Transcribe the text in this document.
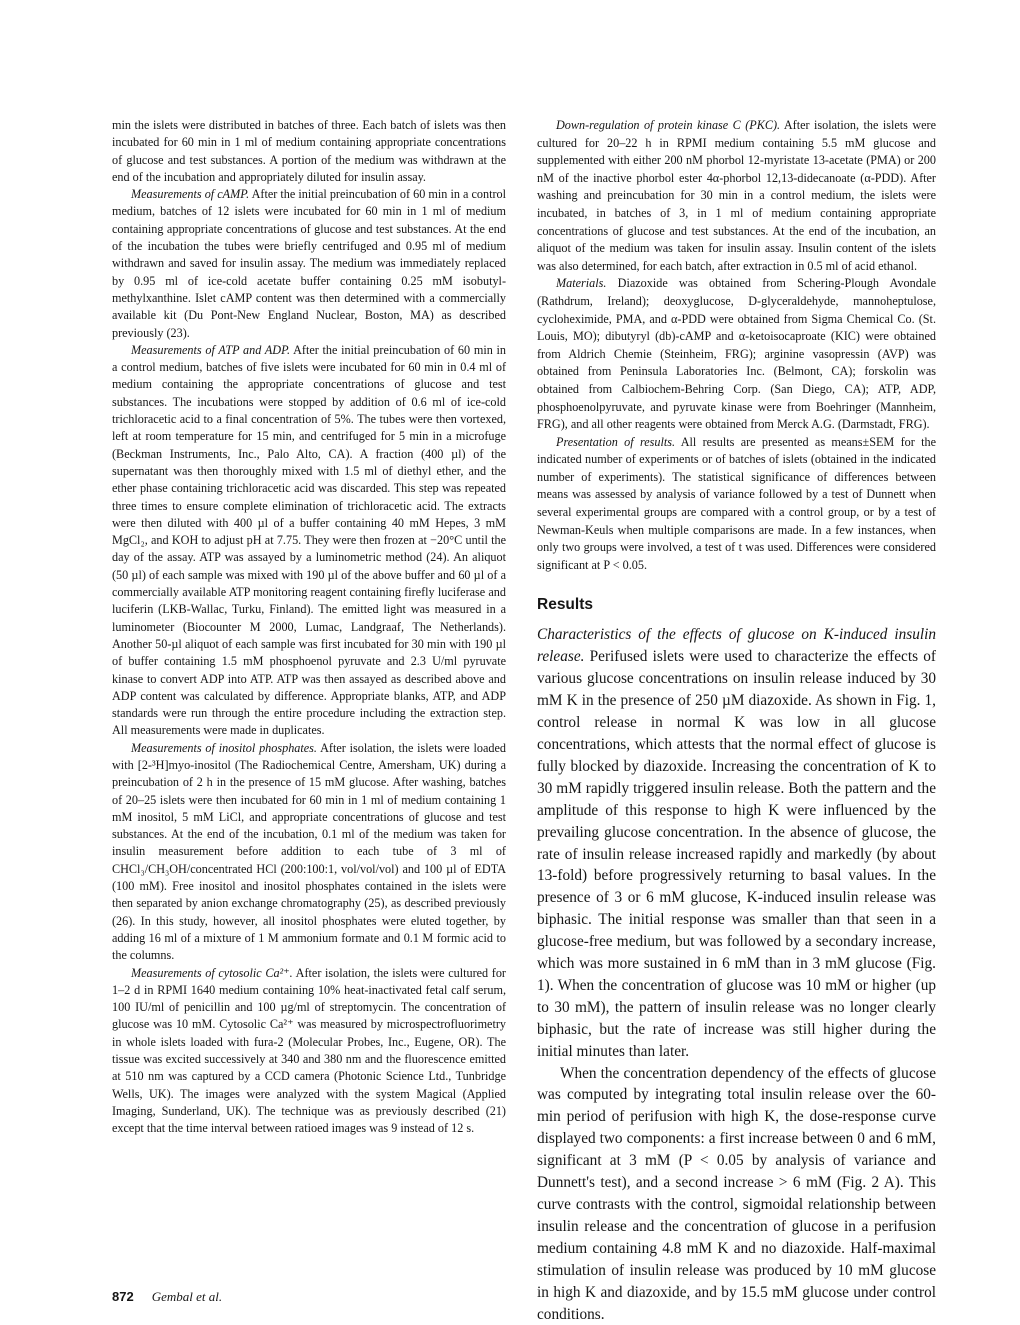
min the islets were distributed in batches of three. Each batch of islets was then incubated for 60 min in 1 ml of medium containing appropriate concentrations of glucose and test substances. A portion of the medium was withdrawn at the end of the incubation and appropriately diluted for insulin assay.

Measurements of cAMP. After the initial preincubation of 60 min in a control medium, batches of 12 islets were incubated for 60 min in 1 ml of medium containing appropriate concentrations of glucose and test substances. At the end of the incubation the tubes were briefly centrifuged and 0.95 ml of medium withdrawn and saved for insulin assay. The medium was immediately replaced by 0.95 ml of ice-cold acetate buffer containing 0.25 mM isobutyl-methylxanthine. Islet cAMP content was then determined with a commercially available kit (Du Pont-New England Nuclear, Boston, MA) as described previously (23).

Measurements of ATP and ADP. After the initial preincubation of 60 min in a control medium, batches of five islets were incubated for 60 min in 0.4 ml of medium containing the appropriate concentrations of glucose and test substances. The incubations were stopped by addition of 0.6 ml of ice-cold trichloracetic acid to a final concentration of 5%. The tubes were then vortexed, left at room temperature for 15 min, and centrifuged for 5 min in a microfuge (Beckman Instruments, Inc., Palo Alto, CA). A fraction (400 µl) of the supernatant was then thoroughly mixed with 1.5 ml of diethyl ether, and the ether phase containing trichloracetic acid was discarded. This step was repeated three times to ensure complete elimination of trichloracetic acid. The extracts were then diluted with 400 µl of a buffer containing 40 mM Hepes, 3 mM MgCl₂, and KOH to adjust pH at 7.75. They were then frozen at −20°C until the day of the assay. ATP was assayed by a luminometric method (24). An aliquot (50 µl) of each sample was mixed with 190 µl of the above buffer and 60 µl of a commercially available ATP monitoring reagent containing firefly luciferase and luciferin (LKB-Wallac, Turku, Finland). The emitted light was measured in a luminometer (Biocounter M 2000, Lumac, Landgraaf, The Netherlands). Another 50-µl aliquot of each sample was first incubated for 30 min with 190 µl of buffer containing 1.5 mM phosphoenol pyruvate and 2.3 U/ml pyruvate kinase to convert ADP into ATP. ATP was then assayed as described above and ADP content was calculated by difference. Appropriate blanks, ATP, and ADP standards were run through the entire procedure including the extraction step. All measurements were made in duplicates.

Measurements of inositol phosphates. After isolation, the islets were loaded with [2-³H]myo-inositol (The Radiochemical Centre, Amersham, UK) during a preincubation of 2 h in the presence of 15 mM glucose. After washing, batches of 20–25 islets were then incubated for 60 min in 1 ml of medium containing 1 mM inositol, 5 mM LiCl, and appropriate concentrations of glucose and test substances. At the end of the incubation, 0.1 ml of the medium was taken for insulin measurement before addition to each tube of 3 ml of CHCl₃/CH₃OH/concentrated HCl (200:100:1, vol/vol/vol) and 100 µl of EDTA (100 mM). Free inositol and inositol phosphates contained in the islets were then separated by anion exchange chromatography (25), as described previously (26). In this study, however, all inositol phosphates were eluted together, by adding 16 ml of a mixture of 1 M ammonium formate and 0.1 M formic acid to the columns.

Measurements of cytosolic Ca²⁺. After isolation, the islets were cultured for 1–2 d in RPMI 1640 medium containing 10% heat-inactivated fetal calf serum, 100 IU/ml of penicillin and 100 µg/ml of streptomycin. The concentration of glucose was 10 mM. Cytosolic Ca²⁺ was measured by microspectrofluorimetry in whole islets loaded with fura-2 (Molecular Probes, Inc., Eugene, OR). The tissue was excited successively at 340 and 380 nm and the fluorescence emitted at 510 nm was captured by a CCD camera (Photonic Science Ltd., Tunbridge Wells, UK). The images were analyzed with the system Magical (Applied Imaging, Sunderland, UK). The technique was as previously described (21) except that the time interval between ratioed images was 9 instead of 12 s.

Down-regulation of protein kinase C (PKC). After isolation, the islets were cultured for 20–22 h in RPMI medium containing 5.5 mM glucose and supplemented with either 200 nM phorbol 12-myristate 13-acetate (PMA) or 200 nM of the inactive phorbol ester 4α-phorbol 12,13-didecanoate (α-PDD). After washing and preincubation for 30 min in a control medium, the islets were incubated, in batches of 3, in 1 ml of medium containing appropriate concentrations of glucose and test substances. At the end of the incubation, an aliquot of the medium was taken for insulin assay. Insulin content of the islets was also determined, for each batch, after extraction in 0.5 ml of acid ethanol.

Materials. Diazoxide was obtained from Schering-Plough Avondale (Rathdrum, Ireland); deoxyglucose, D-glyceraldehyde, mannoheptulose, cycloheximide, PMA, and α-PDD were obtained from Sigma Chemical Co. (St. Louis, MO); dibutyryl (db)-cAMP and α-ketoisocaproate (KIC) were obtained from Aldrich Chemie (Steinheim, FRG); arginine vasopressin (AVP) was obtained from Peninsula Laboratories Inc. (Belmont, CA); forskolin was obtained from Calbiochem-Behring Corp. (San Diego, CA); ATP, ADP, phosphoenolpyruvate, and pyruvate kinase were from Boehringer (Mannheim, FRG), and all other reagents were obtained from Merck A.G. (Darmstadt, FRG).

Presentation of results. All results are presented as means±SEM for the indicated number of experiments or of batches of islets (obtained in the indicated number of experiments). The statistical significance of differences between means was assessed by analysis of variance followed by a test of Dunnett when several experimental groups are compared with a control group, or by a test of Newman-Keuls when multiple comparisons are made. In a few instances, when only two groups were involved, a test of t was used. Differences were considered significant at P < 0.05.

Results

Characteristics of the effects of glucose on K-induced insulin release. Perifused islets were used to characterize the effects of various glucose concentrations on insulin release induced by 30 mM K in the presence of 250 µM diazoxide. As shown in Fig. 1, control release in normal K was low in all glucose concentrations, which attests that the normal effect of glucose is fully blocked by diazoxide. Increasing the concentration of K to 30 mM rapidly triggered insulin release. Both the pattern and the amplitude of this response to high K were influenced by the prevailing glucose concentration. In the absence of glucose, the rate of insulin release increased rapidly and markedly (by about 13-fold) before progressively returning to basal values. In the presence of 3 or 6 mM glucose, K-induced insulin release was biphasic. The initial response was smaller than that seen in a glucose-free medium, but was followed by a secondary increase, which was more sustained in 6 mM than in 3 mM glucose (Fig. 1). When the concentration of glucose was 10 mM or higher (up to 30 mM), the pattern of insulin release was no longer clearly biphasic, but the rate of increase was still higher during the initial minutes than later.

When the concentration dependency of the effects of glucose was computed by integrating total insulin release over the 60-min period of perifusion with high K, the dose-response curve displayed two components: a first increase between 0 and 6 mM, significant at 3 mM (P < 0.05 by analysis of variance and Dunnett's test), and a second increase > 6 mM (Fig. 2 A). This curve contrasts with the control, sigmoidal relationship between insulin release and the concentration of glucose in a perifusion medium containing 4.8 mM K and no diazoxide. Half-maximal stimulation of insulin release was produced by 10 mM glucose in high K and diazoxide, and by 15.5 mM glucose under control conditions.

872 Gembal et al.
